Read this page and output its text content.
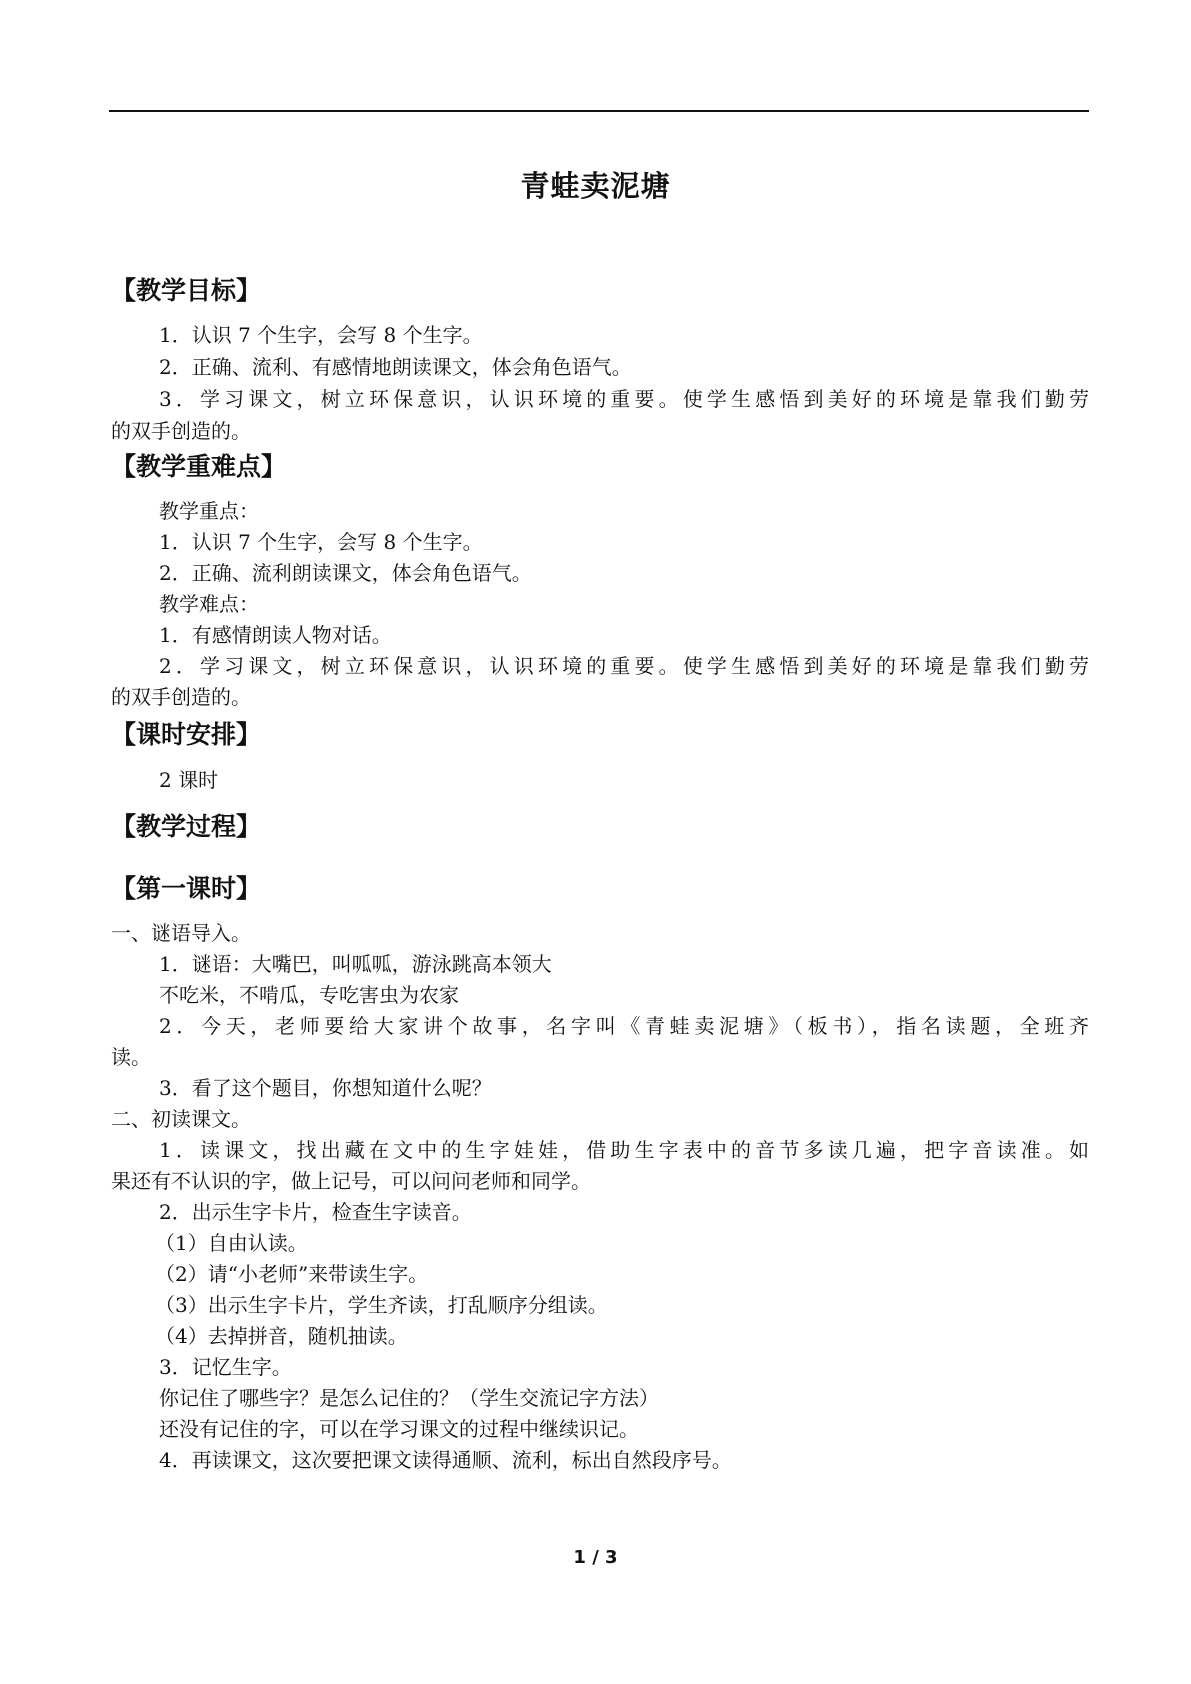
青蛙卖泥塘
【教学目标】
1．认识 7 个生字，会写 8 个生字。
2．正确、流利、有感情地朗读课文，体会角色语气。
3．学习课文，树立环保意识，认识环境的重要。使学生感悟到美好的环境是靠我们勤劳
的双手创造的。
【教学重难点】
教学重点：
1．认识 7 个生字，会写 8 个生字。
2．正确、流利朗读课文，体会角色语气。
教学难点：
1．有感情朗读人物对话。
2．学习课文，树立环保意识，认识环境的重要。使学生感悟到美好的环境是靠我们勤劳
的双手创造的。
【课时安排】
2 课时
【教学过程】
【第一课时】
一、谜语导入。
1．谜语：大嘴巴，叫呱呱，游泳跳高本领大
不吃米，不啃瓜，专吃害虫为农家
2．今天，老师要给大家讲个故事，名字叫《青蛙卖泥塘》（板书），指名读题，全班齐
读。
3．看了这个题目，你想知道什么呢？
二、初读课文。
1．读课文，找出藏在文中的生字娃娃，借助生字表中的音节多读几遍，把字音读准。如
果还有不认识的字，做上记号，可以问问老师和同学。
2．出示生字卡片，检查生字读音。
（1）自由认读。
（2）请“小老师”来带读生字。
（3）出示生字卡片，学生齐读，打乱顺序分组读。
（4）去掉拼音，随机抽读。
3．记忆生字。
你记住了哪些字？是怎么记住的？（学生交流记字方法）
还没有记住的字，可以在学习课文的过程中继续识记。
4．再读课文，这次要把课文读得通顺、流利，标出自然段序号。
1 / 3
